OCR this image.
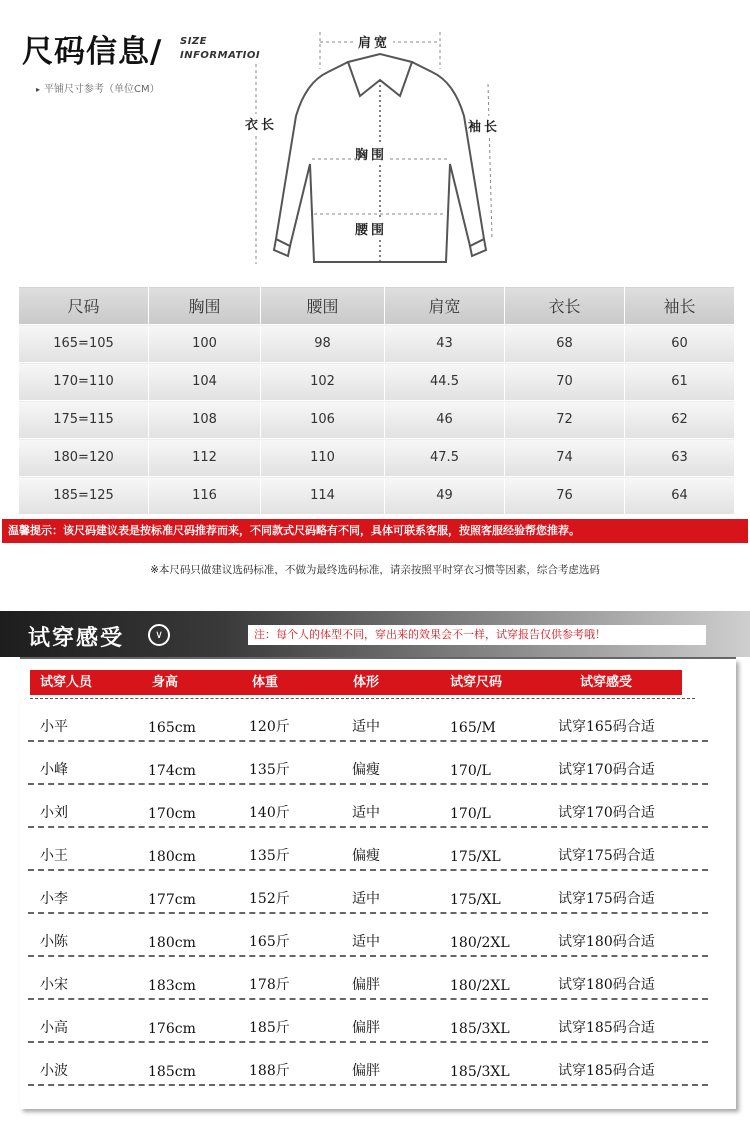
尺码信息/ SIZE
INFORMATIOI
▸ 平铺尺寸参考（单位CM）
肩宽
衣长	袖长
胸围
腰围
尺码	胸围	腰围	肩宽	衣长	袖长
165=105	100	98	43	68	60
170=110	104	102	44.5	70	61
175=115	108	106	46	72	62
180=120	112	110	47.5	74	63
185=125	116	114	49	76	64
温馨提示：该尺码建议表是按标准尺码推荐而来，不同款式尺码略有不同，具体可联系客服，按照客服经验帮您推荐。
※本尺码只做建议选码标准，不做为最终选码标准，请亲按照平时穿衣习惯等因素，综合考虑选码
试穿感受	∨	注：每个人的体型不同，穿出来的效果会不一样，试穿报告仅供参考哦！
试穿人员	身高	体重	体形	试穿尺码	试穿感受
小平	165cm	120斤	适中	165/M	试穿165码合适
小峰	174cm	135斤	偏瘦	170/L	试穿170码合适
小刘	170cm	140斤	适中	170/L	试穿170码合适
小王	180cm	135斤	偏瘦	175/XL	试穿175码合适
小李	177cm	152斤	适中	175/XL	试穿175码合适
小陈	180cm	165斤	适中	180/2XL	试穿180码合适
小宋	183cm	178斤	偏胖	180/2XL	试穿180码合适
小高	176cm	185斤	偏胖	185/3XL	试穿185码合适
小波	185cm	188斤	偏胖	185/3XL	试穿185码合适
